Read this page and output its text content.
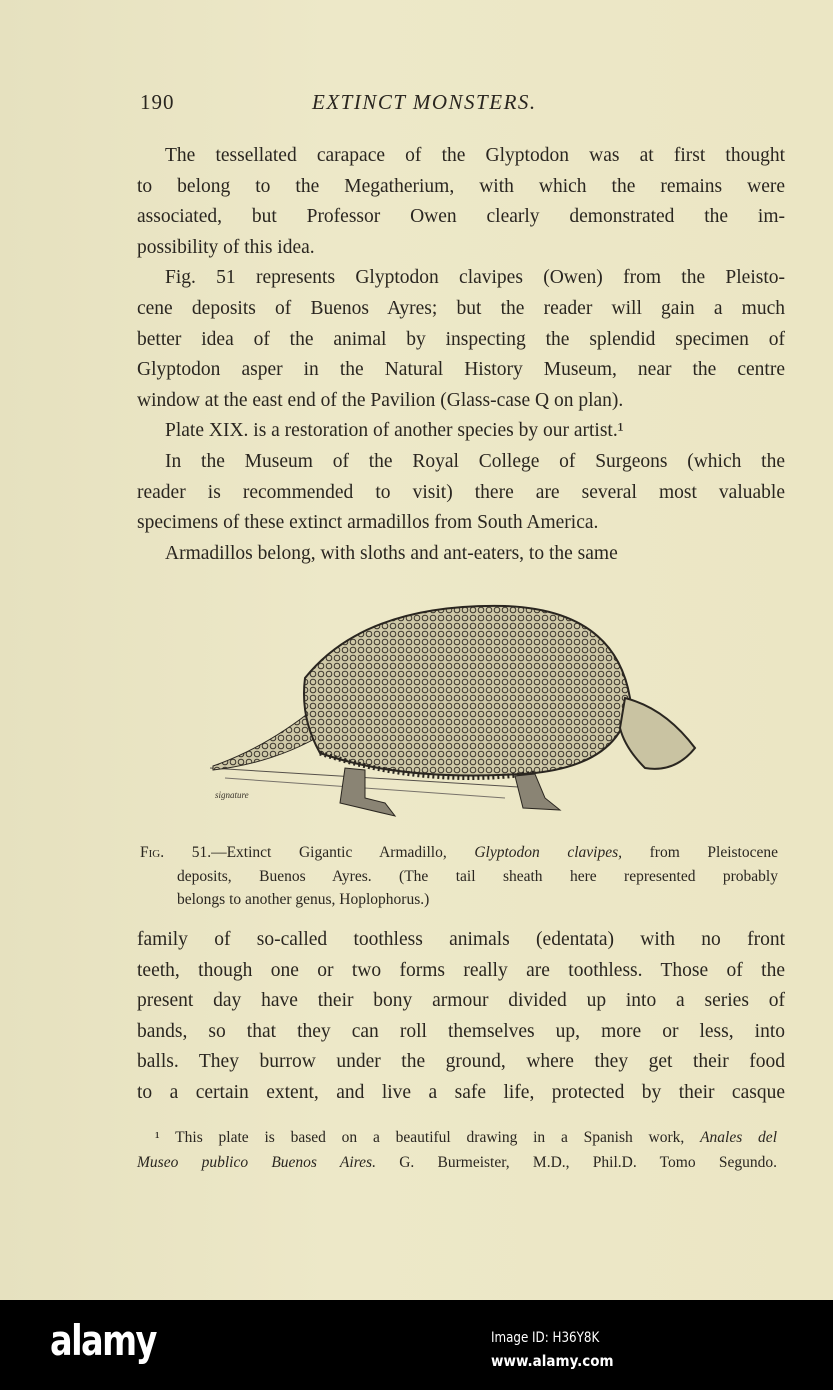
190	EXTINCT MONSTERS.
The tessellated carapace of the Glyptodon was at first thought
to belong to the Megatherium, with which the remains were
associated, but Professor Owen clearly demonstrated the im-
possibility of this idea.
Fig. 51 represents Glyptodon clavipes (Owen) from the Pleisto-
cene deposits of Buenos Ayres; but the reader will gain a much
better idea of the animal by inspecting the splendid specimen of
Glyptodon asper in the Natural History Museum, near the centre
window at the east end of the Pavilion (Glass-case Q on plan).
Plate XIX. is a restoration of another species by our artist.¹
In the Museum of the Royal College of Surgeons (which the
reader is recommended to visit) there are several most valuable
specimens of these extinct armadillos from South America.
Armadillos belong, with sloths and ant-eaters, to the same
signature
Fig. 51.—Extinct Gigantic Armadillo, Glyptodon clavipes, from Pleistocene
deposits, Buenos Ayres. (The tail sheath here represented probably
belongs to another genus, Hoplophorus.)
family of so-called toothless animals (edentata) with no front
teeth, though one or two forms really are toothless. Those of the
present day have their bony armour divided up into a series of
bands, so that they can roll themselves up, more or less, into
balls. They burrow under the ground, where they get their food
to a certain extent, and live a safe life, protected by their casque
¹ This plate is based on a beautiful drawing in a Spanish work, Anales del
Museo publico Buenos Aires. G. Burmeister, M.D., Phil.D. Tomo Segundo.
alamy	Image ID: H36Y8K
www.alamy.com
